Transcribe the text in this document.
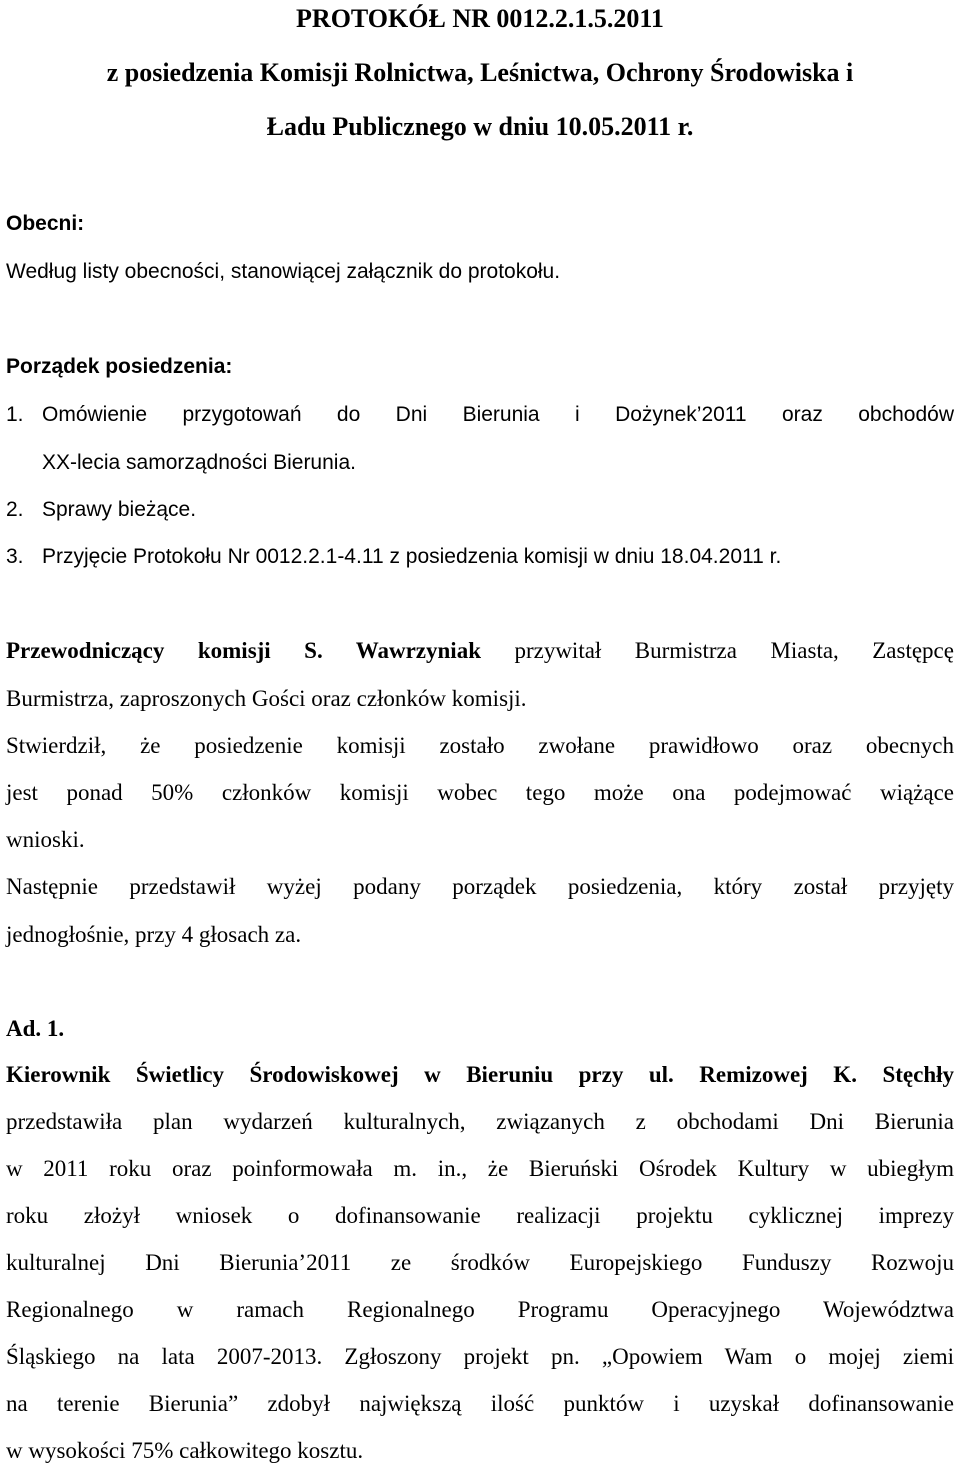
PROTOKÓŁ NR 0012.2.1.5.2011
z posiedzenia Komisji Rolnictwa, Leśnictwa, Ochrony Środowiska i
Ładu Publicznego w dniu 10.05.2011 r.
Obecni:
Według listy obecności, stanowiącej załącznik do protokołu.
Porządek posiedzenia:
1. Omówienie przygotowań do Dni Bierunia i Dożynek’2011 oraz obchodów
XX-lecia samorządności Bierunia.
2. Sprawy bieżące.
3. Przyjęcie Protokołu Nr 0012.2.1-4.11 z posiedzenia komisji w dniu 18.04.2011 r.
Przewodniczący komisji S. Wawrzyniak przywitał Burmistrza Miasta, Zastępcę
Burmistrza, zaproszonych Gości oraz członków komisji.
Stwierdził, że posiedzenie komisji zostało zwołane prawidłowo oraz obecnych
jest ponad 50% członków komisji wobec tego może ona podejmować wiążące
wnioski.
Następnie przedstawił wyżej podany porządek posiedzenia, który został przyjęty
jednogłośnie, przy 4 głosach za.
Ad. 1.
Kierownik Świetlicy Środowiskowej w Bieruniu przy ul. Remizowej K. Stęchły
przedstawiła plan wydarzeń kulturalnych, związanych z obchodami Dni Bierunia
w 2011 roku oraz poinformowała m. in., że Bieruński Ośrodek Kultury w ubiegłym
roku złożył wniosek o dofinansowanie realizacji projektu cyklicznej imprezy
kulturalnej Dni Bierunia’2011 ze środków Europejskiego Funduszy Rozwoju
Regionalnego w ramach Regionalnego Programu Operacyjnego Województwa
Śląskiego na lata 2007-2013. Zgłoszony projekt pn. „Opowiem Wam o mojej ziemi
na terenie Bierunia” zdobył największą ilość punktów i uzyskał dofinansowanie
w wysokości 75% całkowitego kosztu.
